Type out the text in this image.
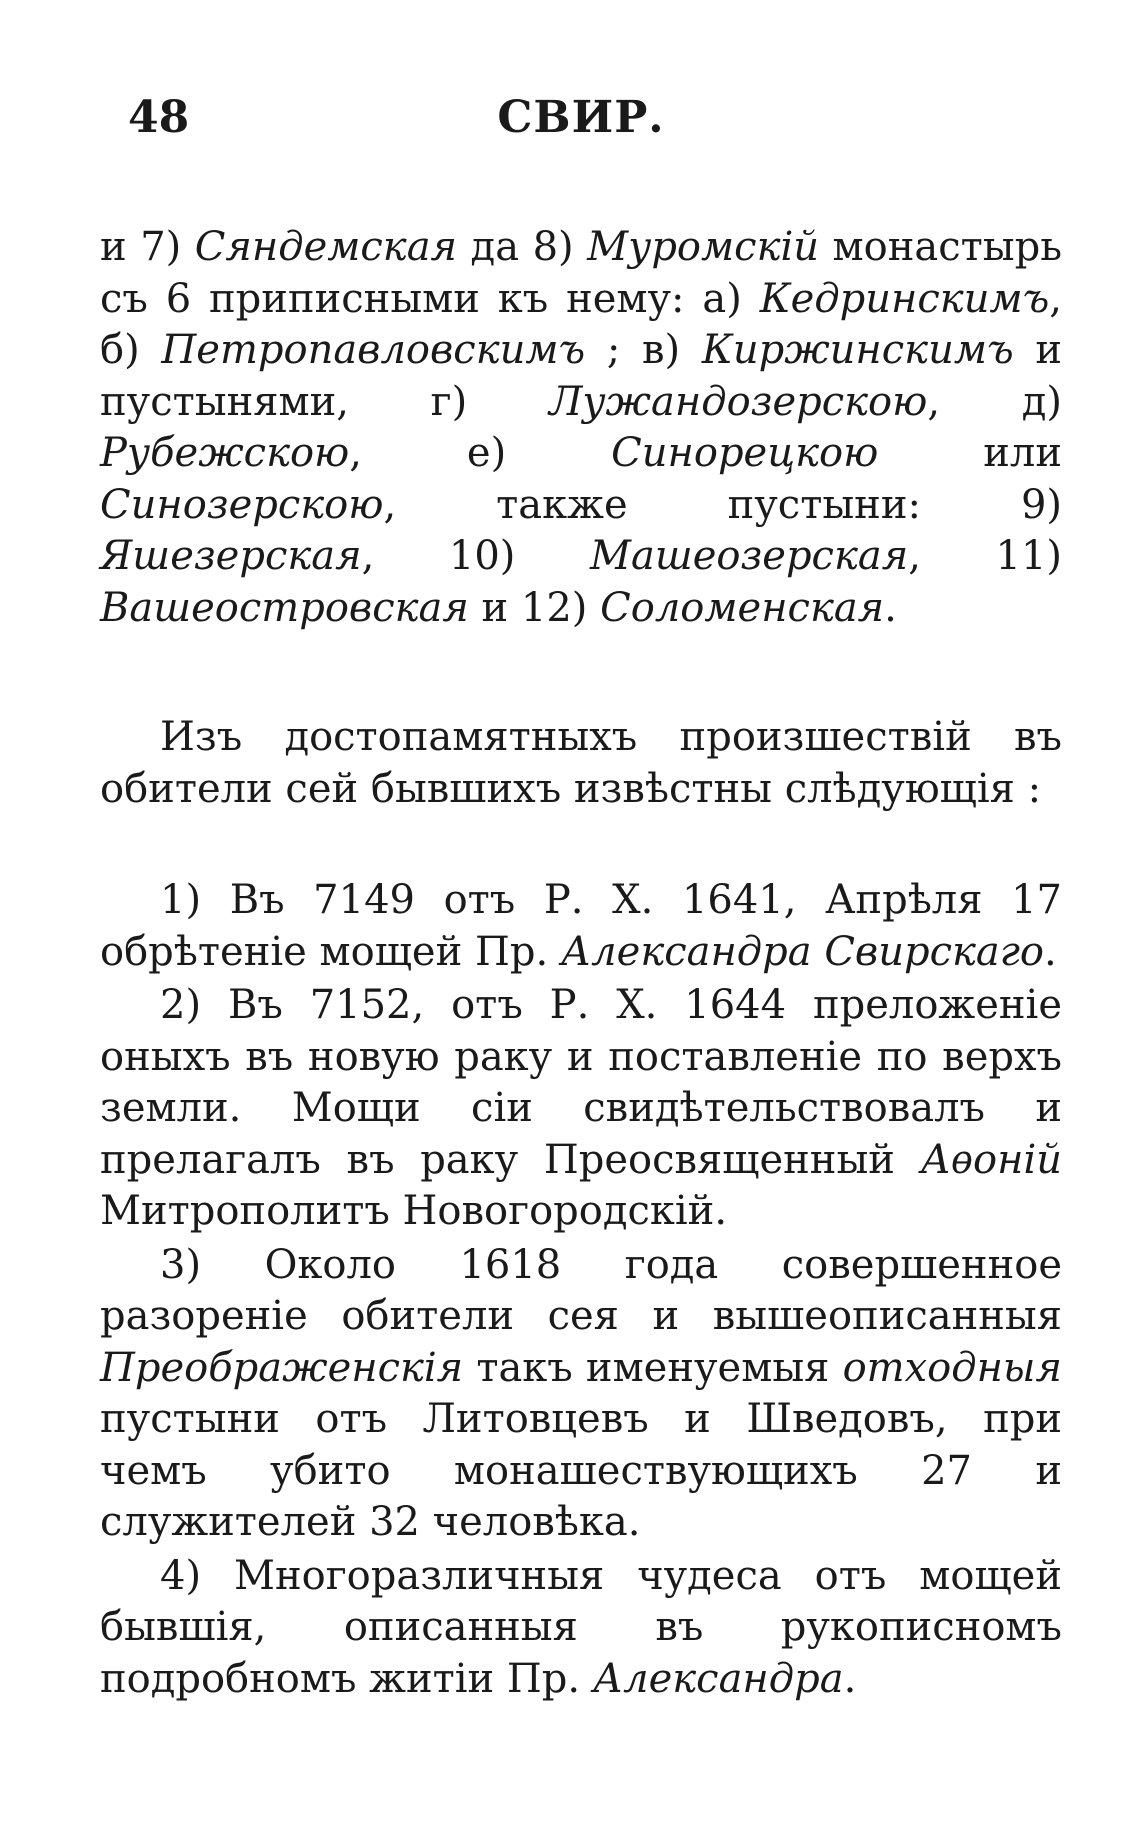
48	СВИР.

и 7) Сяндемская да 8) Муромскій монастырь съ 6 приписными къ нему: а) Кедринскимъ, б) Петропавловскимъ ; в) Киржинскимъ и пустынями, г) Лужандозерскою, д) Рубежскою, е) Синорецкою или Синозерскою, также пустыни: 9) Яшезерская, 10) Машеозерская, 11) Вашеостровская и 12) Соломенская.

Изъ достопамятныхъ произшествій въ обители сей бывшихъ извѣстны слѣдующія :

1) Въ 7149 отъ Р. Х. 1641, Апрѣля 17 обрѣтеніе мощей Пр. Александра Свирскаго.

2) Въ 7152, отъ Р. Х. 1644 преложеніе оныхъ въ новую раку и поставленіе по верхъ земли. Мощи сіи свидѣтельствовалъ и прелагалъ въ раку Преосвященный Аѳоній Митрополитъ Новогородскій.

3) Около 1618 года совершенное разореніе обители сея и вышеописанныя Преображенскія такъ именуемыя отходныя пустыни отъ Литовцевъ и Шведовъ, при чемъ убито монашествующихъ 27 и служителей 32 человѣка.

4) Многоразличныя чудеса отъ мощей бывшія, описанныя въ рукописномъ подробномъ житіи Пр. Александра.
